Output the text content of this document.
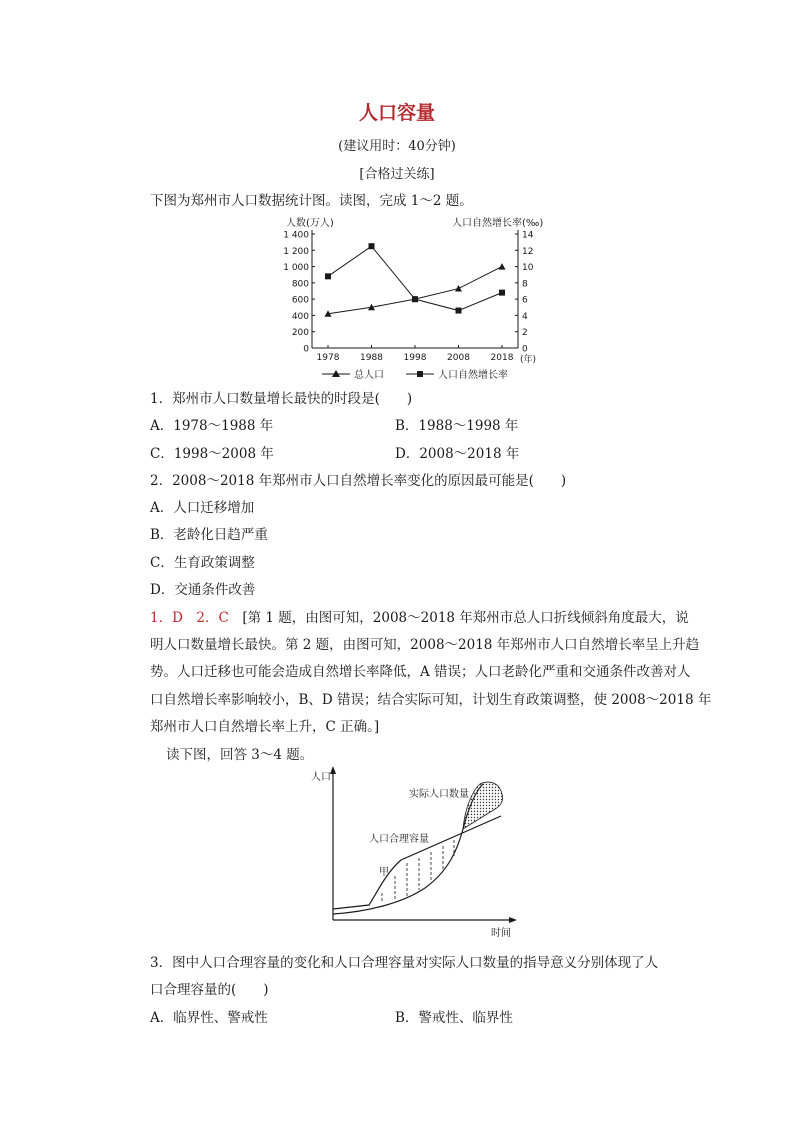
人口容量
(建议用时：40分钟)
[合格过关练]
下图为郑州市人口数据统计图。读图，完成 1～2 题。
0
200
400
600
800
1 000
1 200
1 400
0
2
4
6
8
10
12
14
1978 1988 1998 2008 2018
人数(万人)	人口自然增长率(‰)
(年)
总人口	人口自然增长率
1．郑州市人口数量增长最快的时段是(　　)
A．1978～1988 年	B．1988～1998 年
C．1998～2008 年	D．2008～2018 年
2．2008～2018 年郑州市人口自然增长率变化的原因最可能是(　　)
A．人口迁移增加
B．老龄化日趋严重
C．生育政策调整
D．交通条件改善
1．D　2．C　[第 1 题，由图可知，2008～2018 年郑州市总人口折线倾斜角度最大，说
明人口数量增长最快。第 2 题，由图可知，2008～2018 年郑州市人口自然增长率呈上升趋
势。人口迁移也可能会造成自然增长率降低，A 错误；人口老龄化严重和交通条件改善对人
口自然增长率影响较小，B、D 错误；结合实际可知，计划生育政策调整，使 2008～2018 年
郑州市人口自然增长率上升，C 正确。]
读下图，回答 3～4 题。
人口
时间
实际人口数量
人口合理容量
甲
3．图中人口合理容量的变化和人口合理容量对实际人口数量的指导意义分别体现了人
口合理容量的(　　)
A．临界性、警戒性	B．警戒性、临界性
